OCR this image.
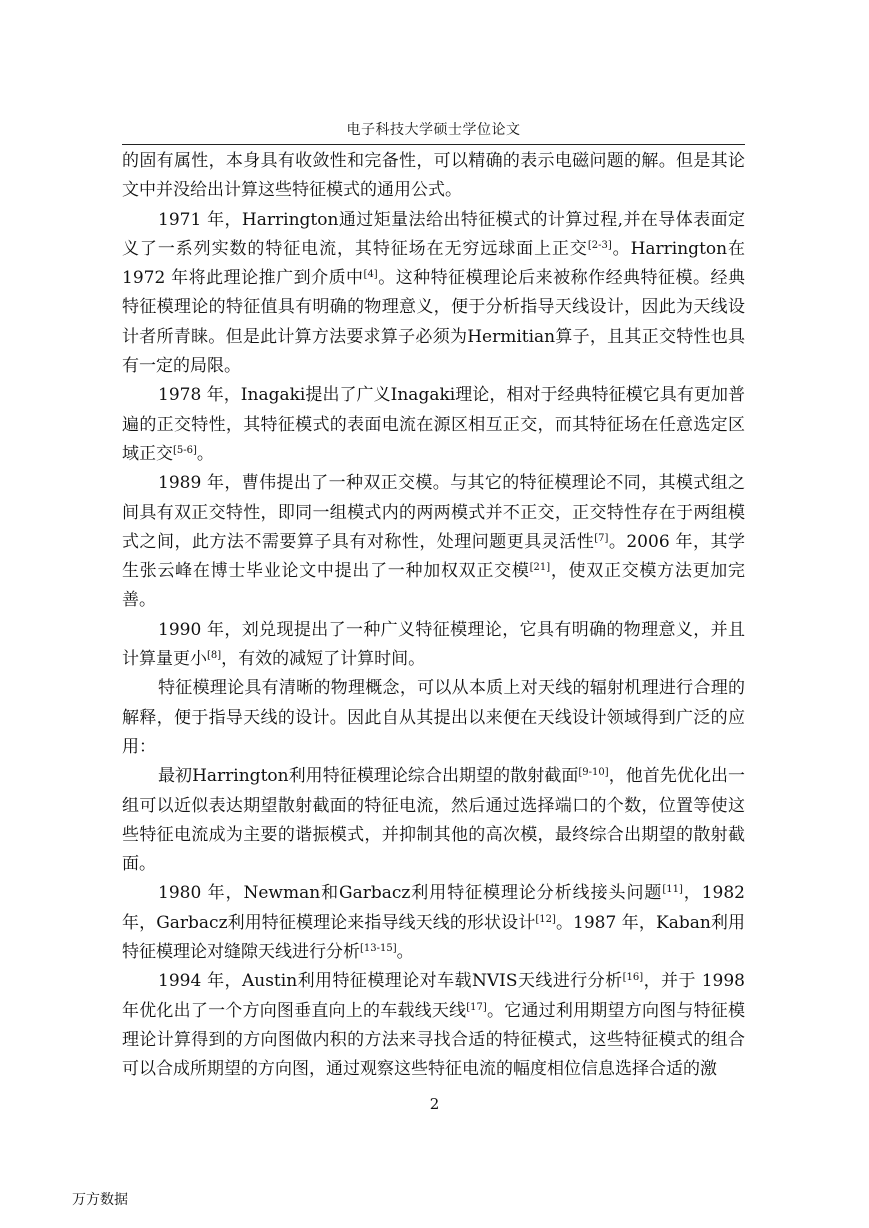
电子科技大学硕士学位论文

的固有属性，本身具有收敛性和完备性，可以精确的表示电磁问题的解。但是其论文中并没给出计算这些特征模式的通用公式。

1971 年，Harrington通过矩量法给出特征模式的计算过程,并在导体表面定义了一系列实数的特征电流，其特征场在无穷远球面上正交[2-3]。Harrington在 1972 年将此理论推广到介质中[4]。这种特征模理论后来被称作经典特征模。经典特征模理论的特征值具有明确的物理意义，便于分析指导天线设计，因此为天线设计者所青睐。但是此计算方法要求算子必须为Hermitian算子，且其正交特性也具有一定的局限。

1978 年，Inagaki提出了广义Inagaki理论，相对于经典特征模它具有更加普遍的正交特性，其特征模式的表面电流在源区相互正交，而其特征场在任意选定区域正交[5-6]。

1989 年，曹伟提出了一种双正交模。与其它的特征模理论不同，其模式组之间具有双正交特性，即同一组模式内的两两模式并不正交，正交特性存在于两组模式之间，此方法不需要算子具有对称性，处理问题更具灵活性[7]。2006 年，其学生张云峰在博士毕业论文中提出了一种加权双正交模[21]，使双正交模方法更加完善。

1990 年，刘兑现提出了一种广义特征模理论，它具有明确的物理意义，并且计算量更小[8]，有效的减短了计算时间。

特征模理论具有清晰的物理概念，可以从本质上对天线的辐射机理进行合理的解释，便于指导天线的设计。因此自从其提出以来便在天线设计领域得到广泛的应用：

最初Harrington利用特征模理论综合出期望的散射截面[9-10]，他首先优化出一组可以近似表达期望散射截面的特征电流，然后通过选择端口的个数，位置等使这些特征电流成为主要的谐振模式，并抑制其他的高次模，最终综合出期望的散射截面。

1980 年，Newman和Garbacz利用特征模理论分析线接头问题[11]，1982 年，Garbacz利用特征模理论来指导线天线的形状设计[12]。1987 年，Kaban利用特征模理论对缝隙天线进行分析[13-15]。

1994 年，Austin利用特征模理论对车载NVIS天线进行分析[16]，并于 1998 年优化出了一个方向图垂直向上的车载线天线[17]。它通过利用期望方向图与特征模理论计算得到的方向图做内积的方法来寻找合适的特征模式，这些特征模式的组合可以合成所期望的方向图，通过观察这些特征电流的幅度相位信息选择合适的激

2
万方数据
